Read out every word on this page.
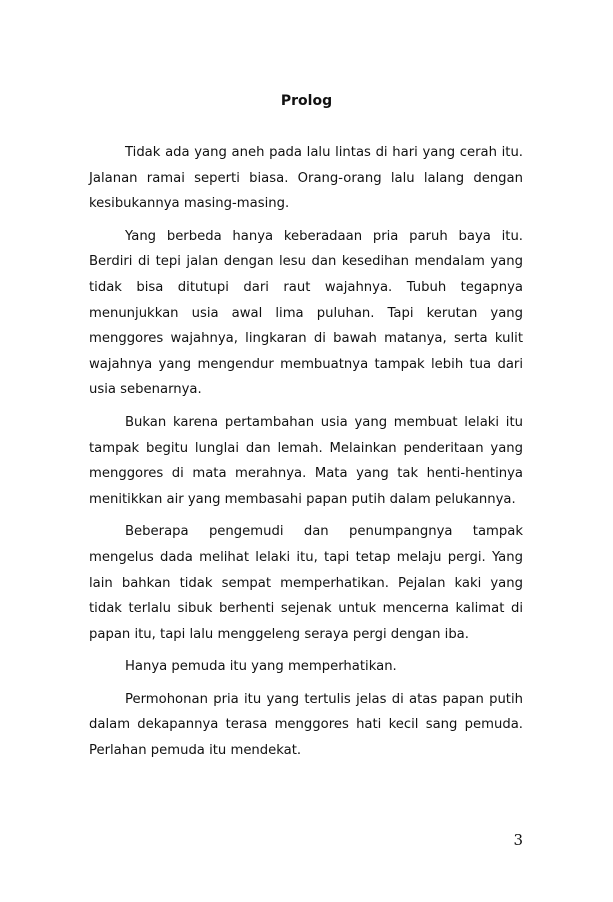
Prolog

Tidak ada yang aneh pada lalu lintas di hari yang cerah itu. Jalanan ramai seperti biasa. Orang-orang lalu lalang dengan kesibukannya masing-masing.

Yang berbeda hanya keberadaan pria paruh baya itu. Berdiri di tepi jalan dengan lesu dan kesedihan mendalam yang tidak bisa ditutupi dari raut wajahnya. Tubuh tegapnya menunjukkan usia awal lima puluhan. Tapi kerutan yang menggores wajahnya, lingkaran di bawah matanya, serta kulit wajahnya yang mengendur membuatnya tampak lebih tua dari usia sebenarnya.

Bukan karena pertambahan usia yang membuat lelaki itu tampak begitu lunglai dan lemah. Melainkan penderitaan yang menggores di mata merahnya. Mata yang tak henti-hentinya menitikkan air yang membasahi papan putih dalam pelukannya.

Beberapa pengemudi dan penumpangnya tampak mengelus dada melihat lelaki itu, tapi tetap melaju pergi. Yang lain bahkan tidak sempat memperhatikan. Pejalan kaki yang tidak terlalu sibuk berhenti sejenak untuk mencerna kalimat di papan itu, tapi lalu menggeleng seraya pergi dengan iba.

Hanya pemuda itu yang memperhatikan.

Permohonan pria itu yang tertulis jelas di atas papan putih dalam dekapannya terasa menggores hati kecil sang pemuda. Perlahan pemuda itu mendekat.

3
